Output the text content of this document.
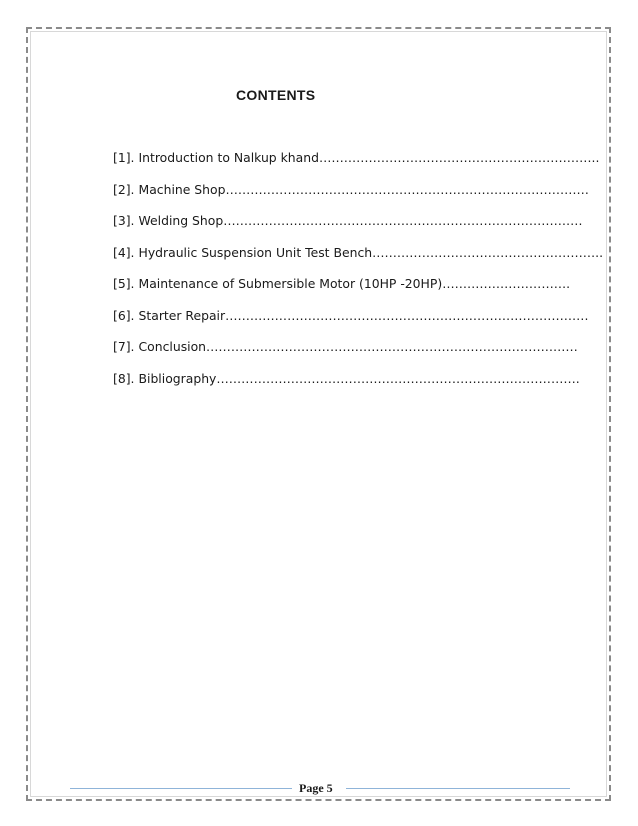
CONTENTS
[1]. Introduction to Nalkup khand …………………………………………………………..
[2]. Machine Shop …………………………………………………………………………….
[3]. Welding Shop ……………………………………………………………………………
[4]. Hydraulic Suspension Unit Test Bench ………………………………………………..
[5]. Maintenance of Submersible Motor (10HP -20HP) ………………………….
[6]. Starter Repair …………………………………………………………………………….
[7]. Conclusion ………………………………………………………………………………
[8]. Bibliography …………………………………………………………………………….
Page 5
